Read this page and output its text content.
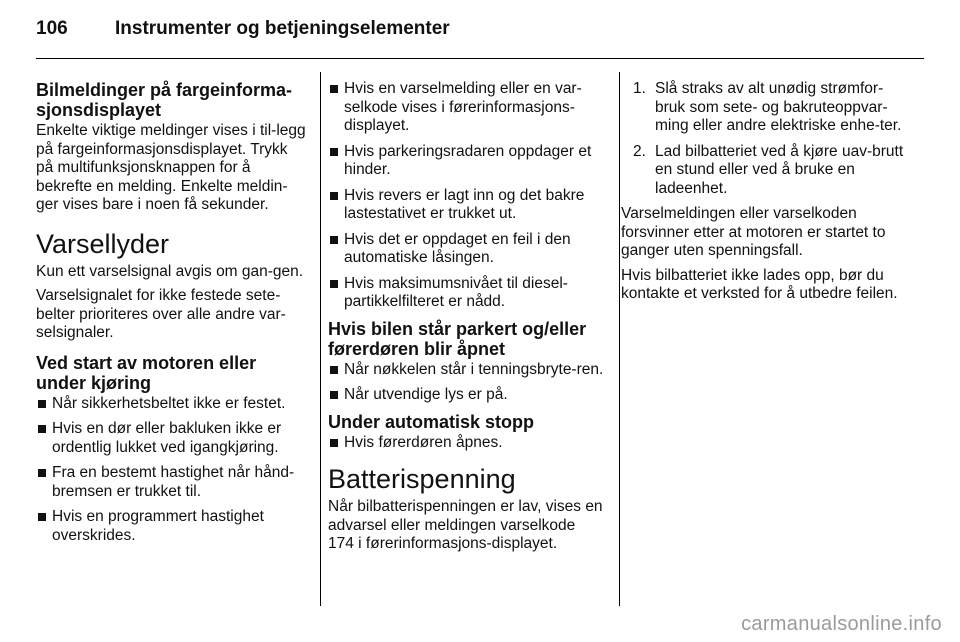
106 Instrumenter og betjeningselementer
Bilmeldinger på fargeinforma-sjonsdisplayet

Enkelte viktige meldinger vises i til-legg på fargeinformasjonsdisplayet. Trykk på multifunksjonsknappen for å bekrefte en melding. Enkelte meldin-ger vises bare i noen få sekunder.

Varsellyder

Kun ett varselsignal avgis om gan-gen.

Varselsignalet for ikke festede sete-belter prioriteres over alle andre var-selsignaler.

Ved start av motoren eller under kjøring
Når sikkerhetsbeltet ikke er festet.
Hvis en dør eller bakluken ikke er ordentlig lukket ved igangkjøring.
Fra en bestemt hastighet når hånd-bremsen er trukket til.
Hvis en programmert hastighet overskrides.
Hvis en varselmelding eller en var-selkode vises i førerinformasjons-displayet.
Hvis parkeringsradaren oppdager et hinder.
Hvis revers er lagt inn og det bakre lastestativet er trukket ut.
Hvis det er oppdaget en feil i den automatiske låsingen.
Hvis maksimumsnivået til diesel-partikkelfilteret er nådd.
Hvis bilen står parkert og/eller førerdøren blir åpnet
Når nøkkelen står i tenningsbryte-ren.
Når utvendige lys er på.
Under automatisk stopp
Hvis førerdøren åpnes.
Batterispenning

Når bilbatterispenningen er lav, vises en advarsel eller meldingen varselkode 174 i førerinformasjons-displayet.

1. Slå straks av alt unødig strømfor-bruk som sete- og bakruteoppvar-ming eller andre elektriske enhe-ter.
2. Lad bilbatteriet ved å kjøre uav-brutt en stund eller ved å bruke en ladeenhet.

Varselmeldingen eller varselkoden forsvinner etter at motoren er startet to ganger uten spenningsfall.

Hvis bilbatteriet ikke lades opp, bør du kontakte et verksted for å utbedre feilen.

carmanualsonline.info
